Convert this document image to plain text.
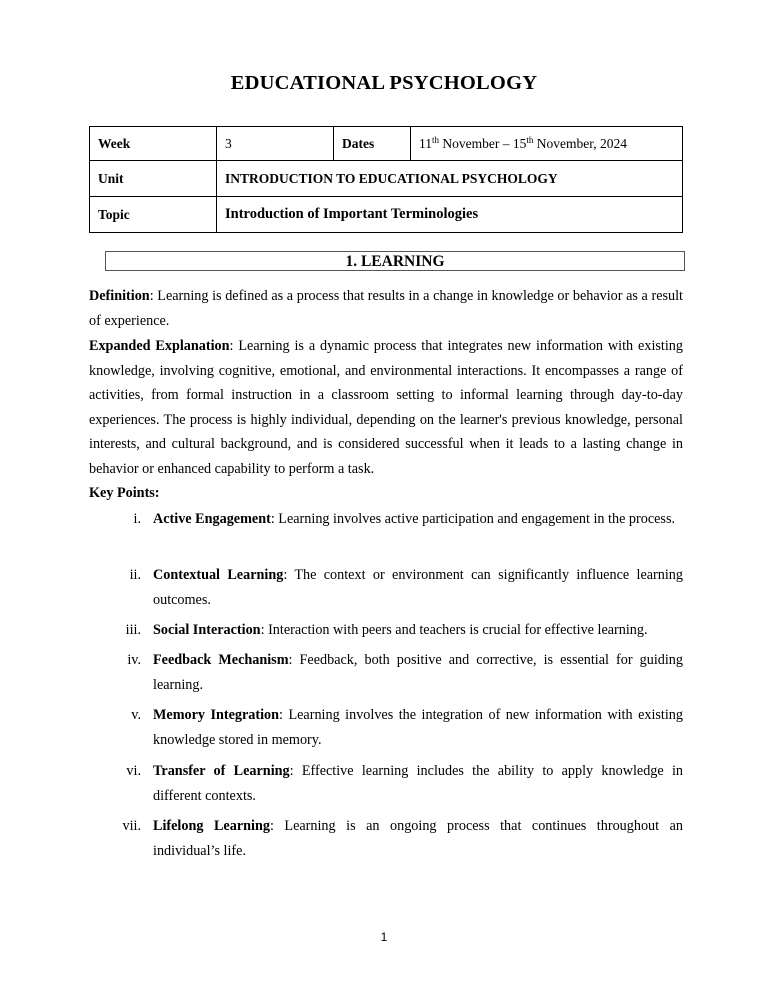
EDUCATIONAL PSYCHOLOGY
Week	3	Dates	11th November – 15th November, 2024
Unit	INTRODUCTION TO EDUCATIONAL PSYCHOLOGY		
Topic	Introduction of Important Terminologies		
1. LEARNING
Definition: Learning is defined as a process that results in a change in knowledge or behavior as a result of experience.
Expanded Explanation: Learning is a dynamic process that integrates new information with existing knowledge, involving cognitive, emotional, and environmental interactions. It encompasses a range of activities, from formal instruction in a classroom setting to informal learning through day-to-day experiences. The process is highly individual, depending on the learner's previous knowledge, personal interests, and cultural background, and is considered successful when it leads to a lasting change in behavior or enhanced capability to perform a task.
Key Points:
i. Active Engagement: Learning involves active participation and engagement in the process.
ii. Contextual Learning: The context or environment can significantly influence learning outcomes.
iii. Social Interaction: Interaction with peers and teachers is crucial for effective learning.
iv. Feedback Mechanism: Feedback, both positive and corrective, is essential for guiding learning.
v. Memory Integration: Learning involves the integration of new information with existing knowledge stored in memory.
vi. Transfer of Learning: Effective learning includes the ability to apply knowledge in different contexts.
vii. Lifelong Learning: Learning is an ongoing process that continues throughout an individual’s life.
1
